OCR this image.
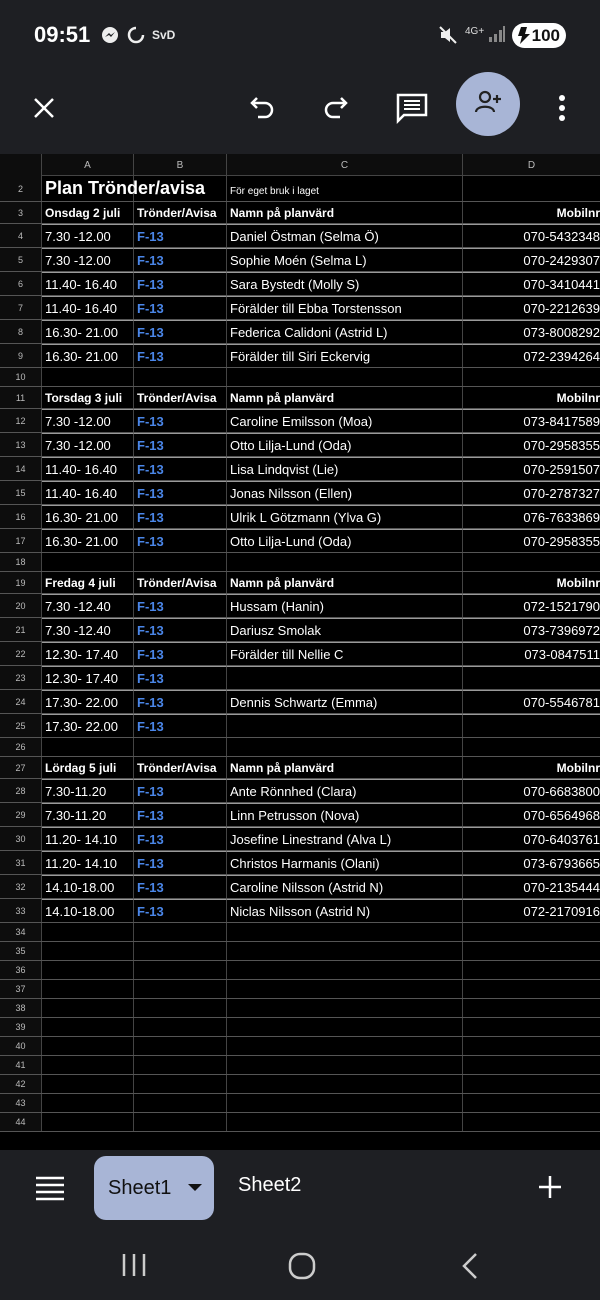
09:51	SvD	4G+	100
A	B	C	D
2	Plan Trönder/avisa	För eget bruk i laget
3	Onsdag 2 juli	Trönder/Avisa	Namn på planvärd	Mobilnr
4	7.30 -12.00	F-13	Daniel Östman (Selma Ö)	070-5432348
5	7.30 -12.00	F-13	Sophie Moén (Selma L)	070-2429307
6	11.40- 16.40	F-13	Sara Bystedt (Molly S)	070-3410441
7	11.40- 16.40	F-13	Förälder till Ebba Torstensson	070-2212639
8	16.30- 21.00	F-13	Federica Calidoni (Astrid L)	073-8008292
9	16.30- 21.00	F-13	Förälder till Siri Eckervig	072-2394264
10
11	Torsdag 3 juli	Trönder/Avisa	Namn på planvärd	Mobilnr
12	7.30 -12.00	F-13	Caroline Emilsson (Moa)	073-8417589
13	7.30 -12.00	F-13	Otto Lilja-Lund (Oda)	070-2958355
14	11.40- 16.40	F-13	Lisa Lindqvist (Lie)	070-2591507
15	11.40- 16.40	F-13	Jonas Nilsson (Ellen)	070-2787327
16	16.30- 21.00	F-13	Ulrik L Götzmann (Ylva G)	076-7633869
17	16.30- 21.00	F-13	Otto Lilja-Lund (Oda)	070-2958355
18
19	Fredag 4 juli	Trönder/Avisa	Namn på planvärd	Mobilnr
20	7.30 -12.40	F-13	Hussam (Hanin)	072-1521790
21	7.30 -12.40	F-13	Dariusz Smolak	073-7396972
22	12.30- 17.40	F-13	Förälder till Nellie C	073-0847511
23	12.30- 17.40	F-13
24	17.30- 22.00	F-13	Dennis Schwartz (Emma)	070-5546781
25	17.30- 22.00	F-13
26
27	Lördag 5 juli	Trönder/Avisa	Namn på planvärd	Mobilnr
28	7.30-11.20	F-13	Ante Rönnhed (Clara)	070-6683800
29	7.30-11.20	F-13	Linn Petrusson (Nova)	070-6564968
30	11.20- 14.10	F-13	Josefine Linestrand (Alva L)	070-6403761
31	11.20- 14.10	F-13	Christos Harmanis (Olani)	073-6793665
32	14.10-18.00	F-13	Caroline Nilsson (Astrid N)	070-2135444
33	14.10-18.00	F-13	Niclas Nilsson (Astrid N)	072-2170916
34
35
36
37
38
39
40
41
42
43
44
Sheet1	Sheet2
